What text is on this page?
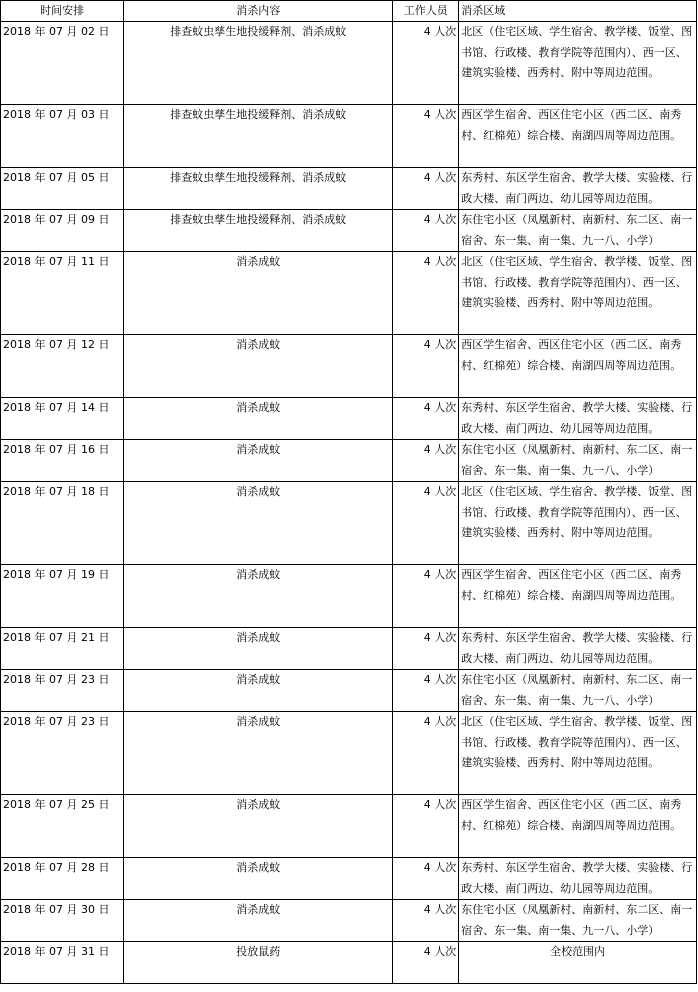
时间安排	消杀内容	工作人员	消杀区域
2018 年 07 月 02 日	排查蚊虫孳生地投缓释剂、消杀成蚊	4 人次	北区（住宅区域、学生宿舍、教学楼、饭堂、图书馆、行政楼、教育学院等范围内）、西一区、建筑实验楼、西秀村、附中等周边范围。
2018 年 07 月 03 日	排查蚊虫孳生地投缓释剂、消杀成蚊	4 人次	西区学生宿舍、西区住宅小区（西二区、南秀村、红棉苑）综合楼、南湖四周等周边范围。
2018 年 07 月 05 日	排查蚊虫孳生地投缓释剂、消杀成蚊	4 人次	东秀村、东区学生宿舍、教学大楼、实验楼、行政大楼、南门两边、幼儿园等周边范围。
2018 年 07 月 09 日	排查蚊虫孳生地投缓释剂、消杀成蚊	4 人次	东住宅小区（凤凰新村、南新村、东二区、南一宿舍、东一集、南一集、九一八、小学）
2018 年 07 月 11 日	消杀成蚊	4 人次	北区（住宅区域、学生宿舍、教学楼、饭堂、图书馆、行政楼、教育学院等范围内）、西一区、建筑实验楼、西秀村、附中等周边范围。
2018 年 07 月 12 日	消杀成蚊	4 人次	西区学生宿舍、西区住宅小区（西二区、南秀村、红棉苑）综合楼、南湖四周等周边范围。
2018 年 07 月 14 日	消杀成蚊	4 人次	东秀村、东区学生宿舍、教学大楼、实验楼、行政大楼、南门两边、幼儿园等周边范围。
2018 年 07 月 16 日	消杀成蚊	4 人次	东住宅小区（凤凰新村、南新村、东二区、南一宿舍、东一集、南一集、九一八、小学）
2018 年 07 月 18 日	消杀成蚊	4 人次	北区（住宅区域、学生宿舍、教学楼、饭堂、图书馆、行政楼、教育学院等范围内）、西一区、建筑实验楼、西秀村、附中等周边范围。
2018 年 07 月 19 日	消杀成蚊	4 人次	西区学生宿舍、西区住宅小区（西二区、南秀村、红棉苑）综合楼、南湖四周等周边范围。
2018 年 07 月 21 日	消杀成蚊	4 人次	东秀村、东区学生宿舍、教学大楼、实验楼、行政大楼、南门两边、幼儿园等周边范围。
2018 年 07 月 23 日	消杀成蚊	4 人次	东住宅小区（凤凰新村、南新村、东二区、南一宿舍、东一集、南一集、九一八、小学）
2018 年 07 月 23 日	消杀成蚊	4 人次	北区（住宅区域、学生宿舍、教学楼、饭堂、图书馆、行政楼、教育学院等范围内）、西一区、建筑实验楼、西秀村、附中等周边范围。
2018 年 07 月 25 日	消杀成蚊	4 人次	西区学生宿舍、西区住宅小区（西二区、南秀村、红棉苑）综合楼、南湖四周等周边范围。
2018 年 07 月 28 日	消杀成蚊	4 人次	东秀村、东区学生宿舍、教学大楼、实验楼、行政大楼、南门两边、幼儿园等周边范围。
2018 年 07 月 30 日	消杀成蚊	4 人次	东住宅小区（凤凰新村、南新村、东二区、南一宿舍、东一集、南一集、九一八、小学）
2018 年 07 月 31 日	投放鼠药	4 人次	全校范围内
